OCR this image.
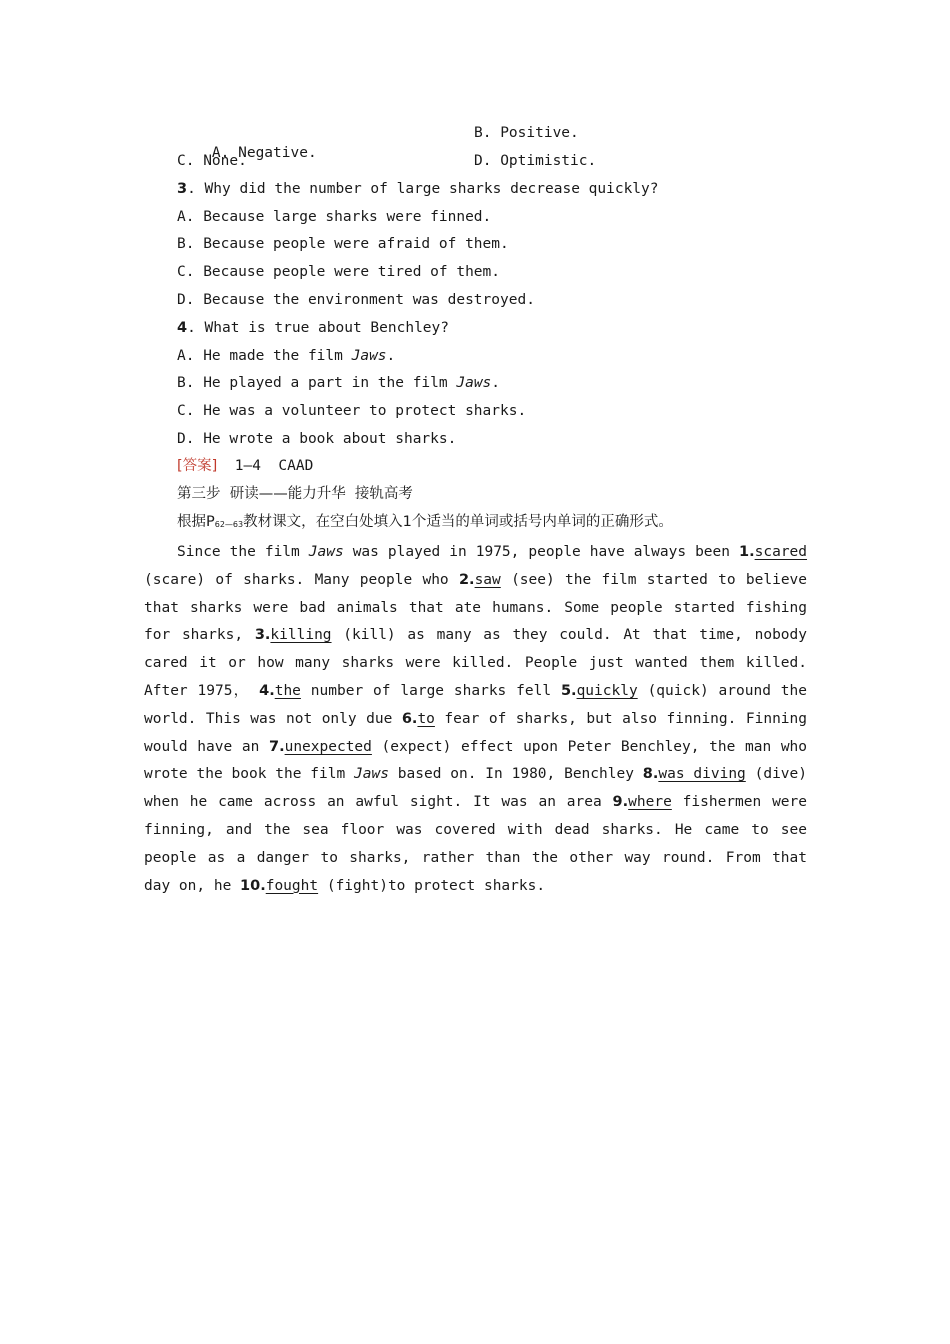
A. Negative.

B. Positive.
C. None.	D. Optimistic.
3. Why did the number of large sharks decrease quickly?
A. Because large sharks were finned.
B. Because people were afraid of them.
C. Because people were tired of them.
D. Because the environment was destroyed.
4. What is true about Benchley?
A. He made the film Jaws.
B. He played a part in the film Jaws.
C. He was a volunteer to protect sharks.
D. He wrote a book about sharks.
[答案]  1—4  CAAD
第三步  研读——能力升华  接轨高考
根据$P_{62—63}$教材课文，在空白处填入1个适当的单词或括号内单词的正确形式。
Since the film Jaws was played in 1975, people have always been 1.scared (scare) of sharks. Many people who 2.saw (see) the film started to believe that sharks were bad animals that ate humans. Some people started fishing for sharks, 3.killing (kill) as many as they could. At that time, nobody cared it or how many sharks were killed. People just wanted them killed. After 1975， 4.the number of large sharks fell 5.quickly (quick) around the world. This was not only due 6.to fear of sharks, but also finning. Finning would have an 7.unexpected (expect) effect upon Peter Benchley, the man who wrote the book the film Jaws based on. In 1980, Benchley 8.was diving (dive) when he came across an awful sight. It was an area 9.where fishermen were finning, and the sea floor was covered with dead sharks. He came to see people as a danger to sharks, rather than the other way round. From that day on, he 10.fought (fight)to protect sharks.
